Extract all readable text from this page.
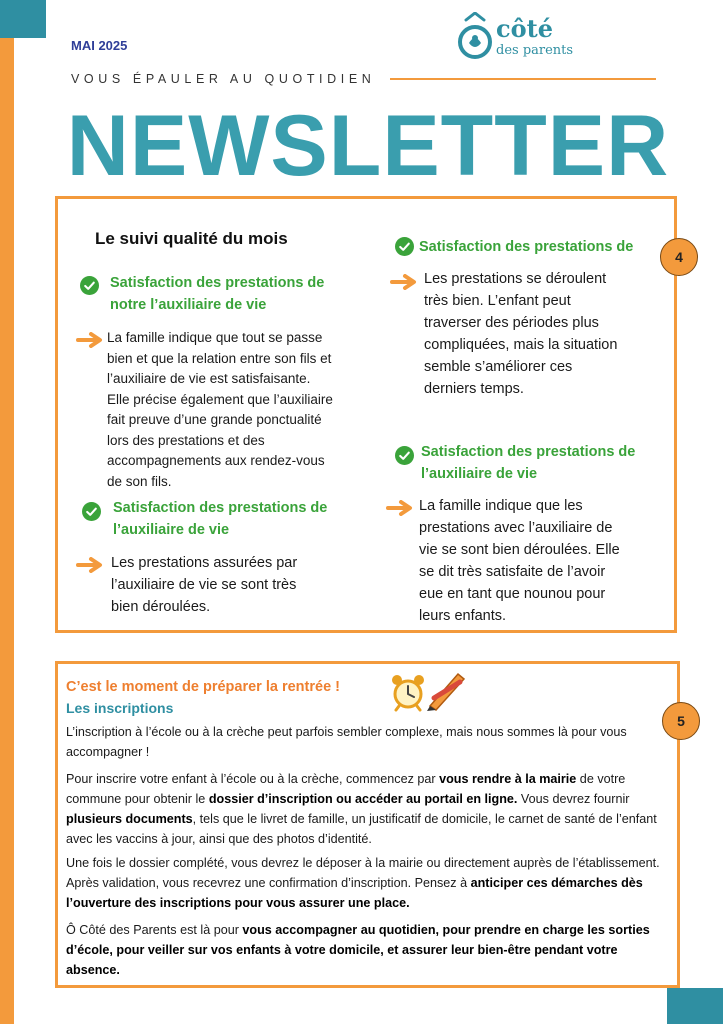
MAI 2025
côté
des parents
VOUS ÉPAULER AU QUOTIDIEN
NEWSLETTER
4
Le suivi qualité du mois
Satisfaction des prestations de
notre l’auxiliaire de vie
La famille indique que tout se passe
bien et que la relation entre son fils et
l’auxiliaire de vie est satisfaisante.
Elle précise également que l’auxiliaire
fait preuve d’une grande ponctualité
lors des prestations et des
accompagnements aux rendez-vous
de son fils.
Satisfaction des prestations de
l’auxiliaire de vie
Les prestations assurées par
l’auxiliaire de vie se sont très
bien déroulées.
Satisfaction des prestations de
Les prestations se déroulent
très bien. L’enfant peut
traverser des périodes plus
compliquées, mais la situation
semble s’améliorer ces
derniers temps.
Satisfaction des prestations de
l’auxiliaire de vie
La famille indique que les
prestations avec l’auxiliaire de
vie se sont bien déroulées. Elle
se dit très satisfaite de l’avoir
eue en tant que nounou pour
leurs enfants.
5
C’est le moment de préparer la rentrée !
Les inscriptions
L’inscription à l’école ou à la crèche peut parfois sembler complexe, mais nous sommes là pour vous accompagner !
Pour inscrire votre enfant à l’école ou à la crèche, commencez par vous rendre à la mairie de votre commune pour obtenir le dossier d’inscription ou accéder au portail en ligne. Vous devrez fournir plusieurs documents, tels que le livret de famille, un justificatif de domicile, le carnet de santé de l’enfant avec les vaccins à jour, ainsi que des photos d’identité.
Une fois le dossier complété, vous devrez le déposer à la mairie ou directement auprès de l’établissement. Après validation, vous recevrez une confirmation d’inscription. Pensez à anticiper ces démarches dès l’ouverture des inscriptions pour vous assurer une place.
Ô Côté des Parents est là pour vous accompagner au quotidien, pour prendre en charge les sorties d’école, pour veiller sur vos enfants à votre domicile, et assurer leur bien-être pendant votre absence.
